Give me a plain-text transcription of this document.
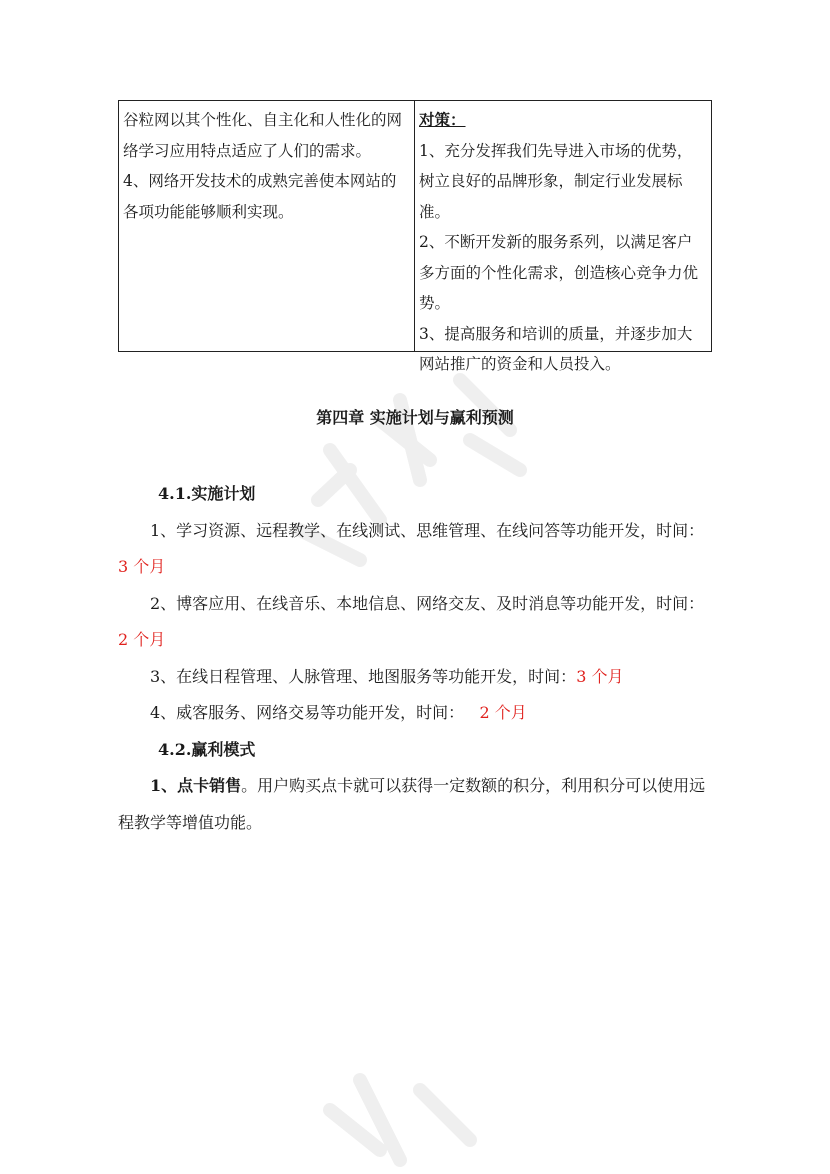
谷粒网以其个性化、自主化和人性化的网络学习应用特点适应了人们的需求。

4、网络开发技术的成熟完善使本网站的各项功能能够顺利实现。

对策：

1、充分发挥我们先导进入市场的优势，树立良好的品牌形象，制定行业发展标准。

2、不断开发新的服务系列，以满足客户多方面的个性化需求，创造核心竞争力优势。

3、提高服务和培训的质量，并逐步加大网站推广的资金和人员投入。

第四章 实施计划与赢利预测

4.1.实施计划

1、学习资源、远程教学、在线测试、思维管理、在线问答等功能开发，时间：3 个月

2、博客应用、在线音乐、本地信息、网络交友、及时消息等功能开发，时间：2 个月

3、在线日程管理、人脉管理、地图服务等功能开发，时间：3 个月

4、威客服务、网络交易等功能开发，时间： 2 个月

4.2.赢利模式

1、点卡销售。用户购买点卡就可以获得一定数额的积分，利用积分可以使用远程教学等增值功能。
